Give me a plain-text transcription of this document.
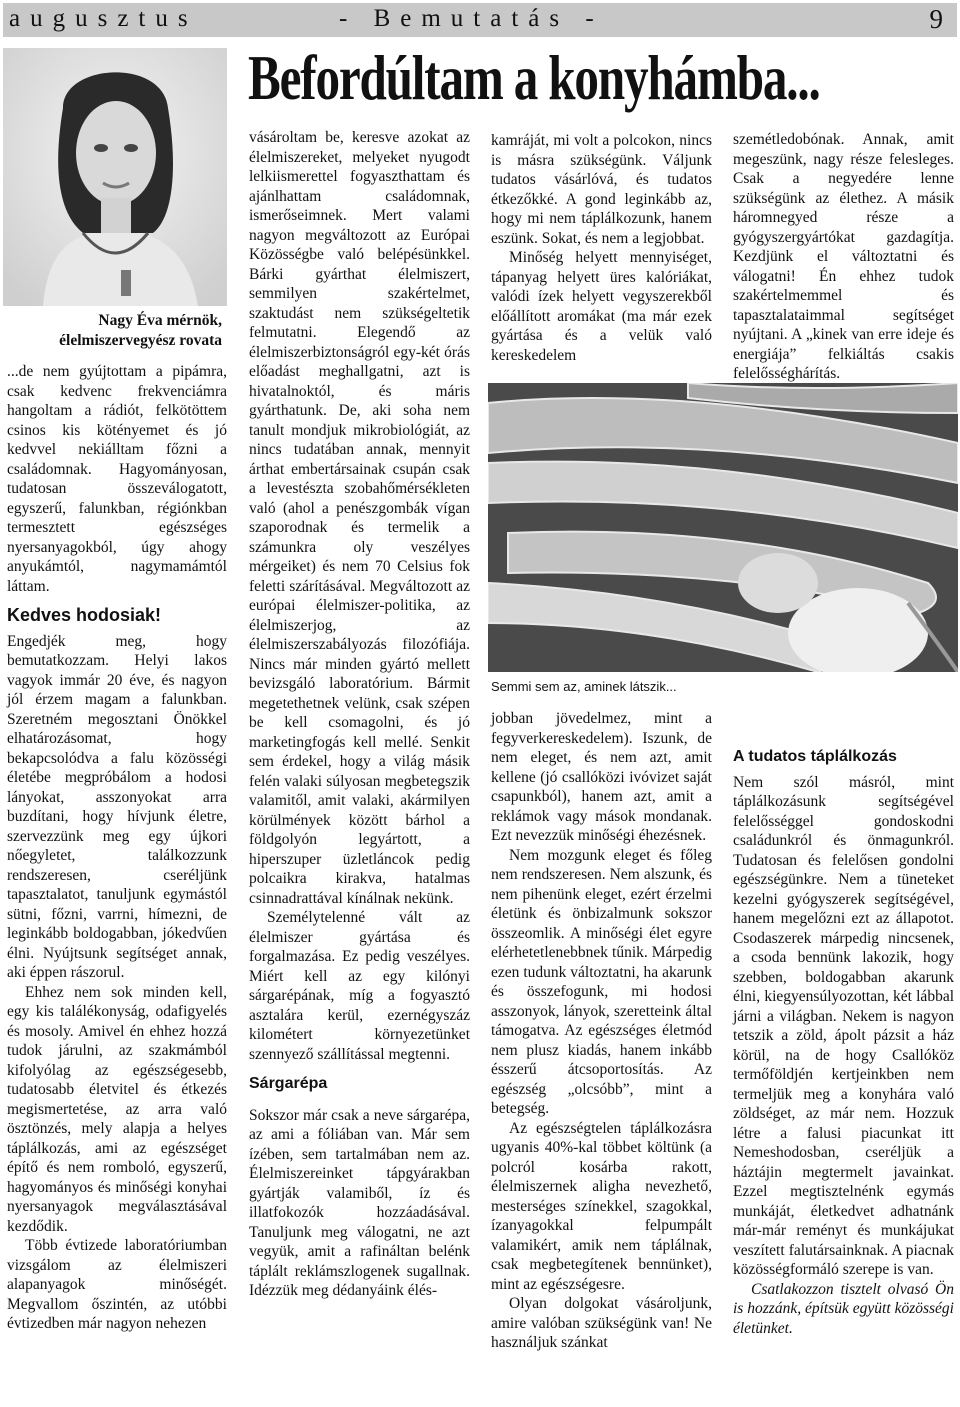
augusztus	- Bemutatás -	9
Befordúltam a konyhámba...
Nagy Éva mérnök,
élelmiszervegyész rovata

...de nem gyújtottam a pipámra, csak kedvenc frekvenciámra hangoltam a rádiót, felkötöttem csinos kis kötényemet és jó kedvvel nekiálltam főzni a családomnak. Hagyományosan, tudatosan összeválogatott, egyszerű, falunkban, régiónkban termesztett egészséges nyersanyagokból, úgy ahogy anyukámtól, nagymamámtól láttam.

Kedves hodosiak!

Engedjék meg, hogy bemutatkozzam. Helyi lakos vagyok immár 20 éve, és nagyon jól érzem magam a falunkban. Szeretném megosztani Önökkel elhatározásomat, hogy bekapcsolódva a falu közösségi életébe megpróbálom a hodosi lányokat, asszonyokat arra buzdítani, hogy hívjunk életre, szervezzünk meg egy újkori nőegyletet, találkozzunk rendszeresen, cseréljünk tapasztalatot, tanuljunk egymástól sütni, főzni, varrni, hímezni, de leginkább boldogabban, jókedvűen élni. Nyújtsunk segítséget annak, aki éppen rászorul.

Ehhez nem sok minden kell, egy kis találékonyság, odafigyelés és mosoly. Amivel én ehhez hozzá tudok járulni, az szakmámból kifolyólag az egészségesebb, tudatosabb életvitel és étkezés megismertetése, az arra való ösztönzés, mely alapja a helyes táplálkozás, ami az egészséget építő és nem romboló, egyszerű, hagyományos és minőségi konyhai nyersanyagok megválasztásával kezdődik.

Több évtizede laboratóriumban vizsgálom az élelmiszeri alapanyagok minőségét. Megvallom őszintén, az utóbbi évtizedben már nagyon nehezen

vásároltam be, keresve azokat az élelmiszereket, melyeket nyugodt lelkiismerettel fogyaszthattam és ajánlhattam családomnak, ismerőseimnek. Mert valami nagyon megváltozott az Európai Közösségbe való belépésünkkel. Bárki gyárthat élelmiszert, semmilyen szakértelmet, szaktudást nem szükségeltetik felmutatni. Elegendő az élelmiszerbiztonságról egy-két órás előadást meghallgatni, azt is hivatalnoktól, és máris gyárthatunk. De, aki soha nem tanult mondjuk mikrobiológiát, az nincs tudatában annak, mennyit árthat embertársainak csupán csak a levestészta szobahőmérsékleten való (ahol a penészgombák vígan szaporodnak és termelik a számunkra oly veszélyes mérgeiket) és nem 70 Celsius fok feletti szárításával. Megváltozott az európai élelmiszer-politika, az élelmiszerjog, az élelmiszerszabályozás filozófiája. Nincs már minden gyártó mellett bevizsgáló laboratórium. Bármit megetethetnek velünk, csak szépen be kell csomagolni, és jó marketingfogás kell mellé. Senkit sem érdekel, hogy a világ másik felén valaki súlyosan megbetegszik valamitől, amit valaki, akármilyen körülmények között bárhol a földgolyón legyártott, a hiperszuper üzletláncok pedig polcaikra kirakva, hatalmas csinnadrattával kínálnak nekünk.

Személytelenné vált az élelmiszer gyártása és forgalmazása. Ez pedig veszélyes. Miért kell az egy kilónyi sárgarépának, míg a fogyasztó asztalára kerül, ezernégyszáz kilométert környezetünket szennyező szállítással megtenni.

Sárgarépa

Sokszor már csak a neve sárgarépa, az ami a fóliában van. Már sem ízében, sem tartalmában nem az. Élelmiszereinket tápgyárakban gyártják valamiből, íz és illatfokozók hozzáadásával. Tanuljunk meg válogatni, ne azt vegyük, amit a rafináltan belénk táplált reklámszlogenek sugallnak. Idézzük meg dédanyáink élés-

kamráját, mi volt a polcokon, nincs is másra szükségünk. Váljunk tudatos vásárlóvá, és tudatos étkezőkké. A gond leginkább az, hogy mi nem táplálkozunk, hanem eszünk. Sokat, és nem a legjobbat.

Minőség helyett mennyiséget, tápanyag helyett üres kalóriákat, valódi ízek helyett vegyszerekből előállított aromákat (ma már ezek gyártása és a velük való kereskedelem

Semmi sem az, aminek látszik...

jobban jövedelmez, mint a fegyverkereskedelem). Iszunk, de nem eleget, és nem azt, amit kellene (jó csallóközi ivóvizet saját csapunkból), hanem azt, amit a reklámok vagy mások mondanak. Ezt nevezzük minőségi éhezésnek.

Nem mozgunk eleget és főleg nem rendszeresen. Nem alszunk, és nem pihenünk eleget, ezért érzelmi életünk és önbizalmunk sokszor összeomlik. A minőségi élet egyre elérhetetlenebbnek tűnik. Márpedig ezen tudunk változtatni, ha akarunk és összefogunk, mi hodosi asszonyok, lányok, szeretteink által támogatva. Az egészséges életmód nem plusz kiadás, hanem inkább ésszerű átcsoportosítás. Az egészség „olcsóbb”, mint a betegség.

Az egészségtelen táplálkozásra ugyanis 40%-kal többet költünk (a polcról kosárba rakott, élelmiszernek aligha nevezhető, mesterséges színekkel, szagokkal, ízanyagokkal felpumpált valamikért, amik nem táplálnak, csak megbetegítenek bennünket), mint az egészségesre.

Olyan dolgokat vásároljunk, amire valóban szükségünk van! Ne használjuk szánkat

szemétledobónak. Annak, amit megeszünk, nagy része felesleges. Csak a negyedére lenne szükségünk az élethez. A másik háromnegyed része a gyógyszergyártókat gazdagítja. Kezdjünk el változtatni és válogatni! Én ehhez tudok szakértelmemmel és tapasztalataimmal segítséget nyújtani. A „kinek van erre ideje és energiája” felkiáltás csakis felelősséghárítás.

A tudatos táplálkozás

Nem szól másról, mint táplálkozásunk segítségével felelősséggel gondoskodni családunkról és önmagunkról. Tudatosan és felelősen gondolni egészségünkre. Nem a tüneteket kezelni gyógyszerek segítségével, hanem megelőzni ezt az állapotot. Csodaszerek márpedig nincsenek, a csoda bennünk lakozik, hogy szebben, boldogabban akarunk élni, kiegyensúlyozottan, két lábbal járni a világban. Nekem is nagyon tetszik a zöld, ápolt pázsit a ház körül, na de hogy Csallóköz termőföldjén kertjeinkben nem termeljük meg a konyhára való zöldséget, az már nem. Hozzuk létre a falusi piacunkat itt Nemeshodosban, cseréljük a háztájin megtermelt javainkat. Ezzel megtisztelnénk egymás munkáját, életkedvet adhatnánk már-már reményt és munkájukat veszített falutársainknak. A piacnak közösségformáló szerepe is van.

Csatlakozzon tisztelt olvasó Ön is hozzánk, építsük együtt közösségi életünket.
